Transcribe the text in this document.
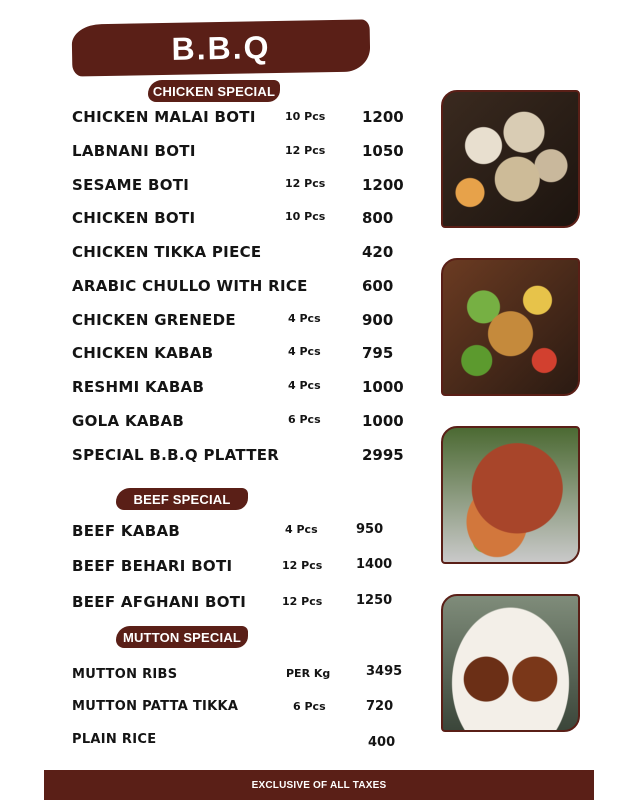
B.B.Q
CHICKEN SPECIAL
CHICKEN MALAI BOTI	10 Pcs 1200
LABNANI BOTI	12 Pcs 1050
SESAME BOTI	12 Pcs 1200
CHICKEN BOTI	10 Pcs 800
CHICKEN TIKKA PIECE	420
ARABIC CHULLO WITH RICE	600
CHICKEN GRENEDE	4 Pcs	900
CHICKEN KABAB	4 Pcs	795
RESHMI KABAB	4 Pcs	1000
GOLA KABAB	6 Pcs	1000
SPECIAL B.B.Q PLATTER	2995
BEEF SPECIAL
BEEF KABAB	4 Pcs	950
BEEF BEHARI BOTI	12 Pcs	1400
BEEF AFGHANI BOTI	12 Pcs	1250
MUTTON SPECIAL
MUTTON RIBS	PER Kg	3495
MUTTON PATTA TIKKA	6 Pcs	720
PLAIN RICE	400
EXCLUSIVE OF ALL TAXES
